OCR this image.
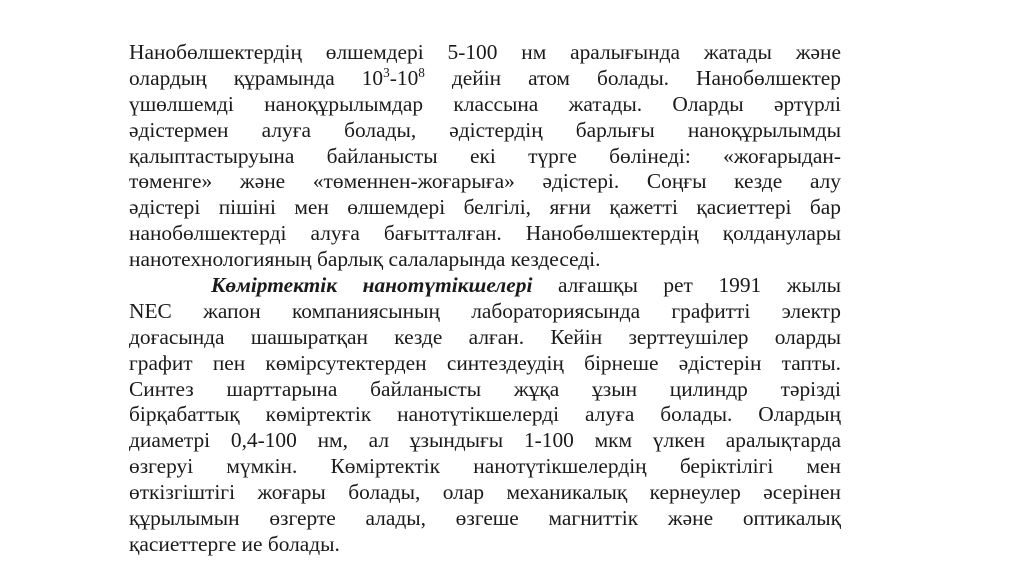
Нанобөлшектердің өлшемдері 5-100 нм аралығында жатады және
олардың құрамында $10^3-10^8$ дейін атом болады. Нанобөлшектер
үшөлшемді наноқұрылымдар классына жатады. Оларды әртүрлі
әдістермен алуға болады, әдістердің барлығы наноқұрылымды
қалыптастыруына байланысты екі түрге бөлінеді: «жоғарыдан-
төменге» және «төменнен-жоғарыға» әдістері. Соңғы кезде алу
әдістері пішіні мен өлшемдері белгілі, яғни қажетті қасиеттері бар
нанобөлшектерді алуға бағытталған. Нанобөлшектердің қолданулары
нанотехнологияның барлық салаларында кездеседі.
Көміртектік нанотүтікшелері алғашқы рет 1991 жылы
NEC жапон компаниясының лабораториясында графитті электр
доғасында шашыратқан кезде алған. Кейін зерттеушілер оларды
графит пен көмірсутектерден синтездеудің бірнеше әдістерін тапты.
Синтез шарттарына байланысты жұқа ұзын цилиндр тәрізді
бірқабаттық көміртектік нанотүтікшелерді алуға болады. Олардың
диаметрі 0,4-100 нм, ал ұзындығы 1-100 мкм үлкен аралықтарда
өзгеруі мүмкін. Көміртектік нанотүтікшелердің беріктілігі мен
өткізгіштігі жоғары болады, олар механикалық кернеулер әсерінен
құрылымын өзгерте алады, өзгеше магниттік және оптикалық
қасиеттерге ие болады.
